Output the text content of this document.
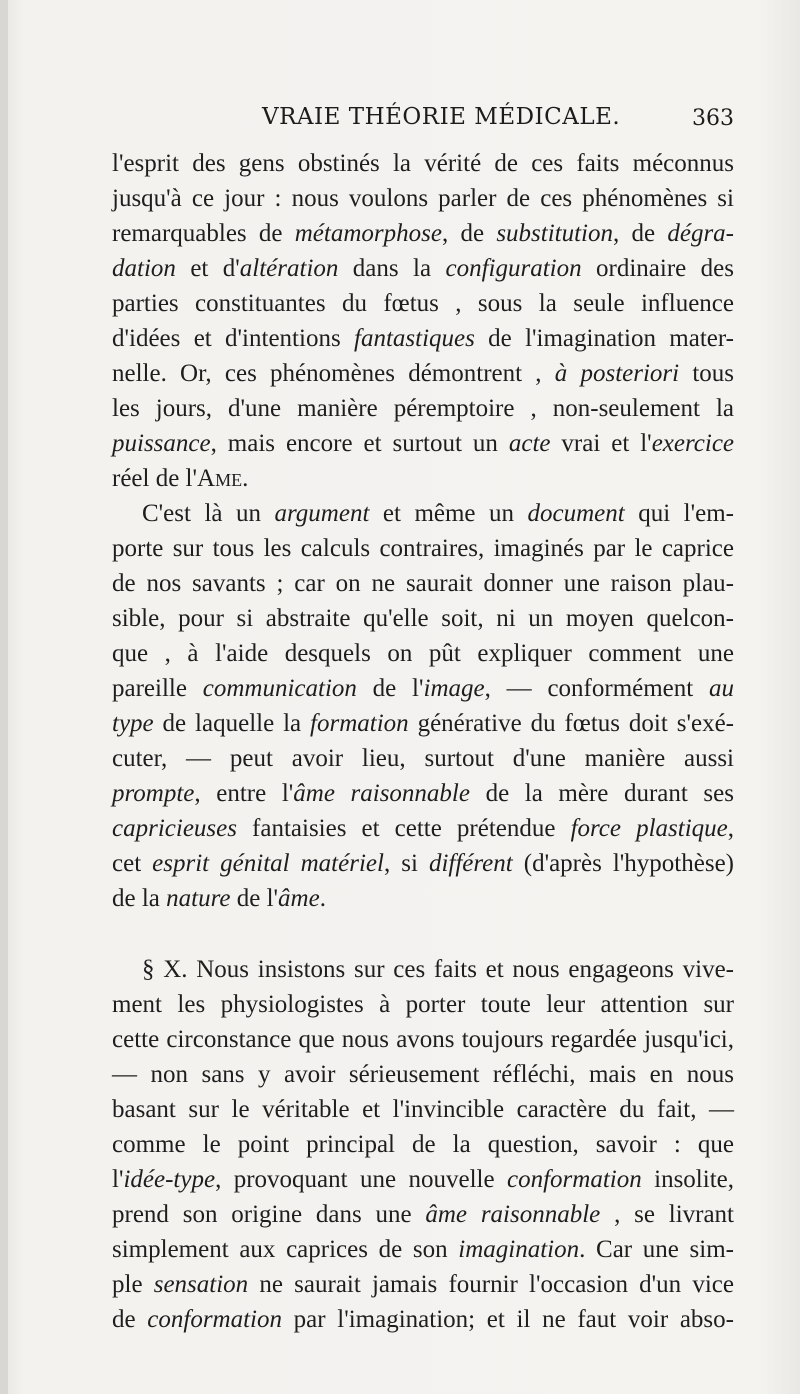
VRAIE THÉORIE MÉDICALE.	363
l'esprit des gens obstinés la vérité de ces faits méconnus
jusqu'à ce jour : nous voulons parler de ces phénomènes si
remarquables de métamorphose, de substitution, de dégra-
dation et d'altération dans la configuration ordinaire des
parties constituantes du fœtus , sous la seule influence
d'idées et d'intentions fantastiques de l'imagination mater-
nelle. Or, ces phénomènes démontrent , à posteriori tous
les jours, d'une manière péremptoire , non-seulement la
puissance, mais encore et surtout un acte vrai et l'exercice
réel de l'Ame.
C'est là un argument et même un document qui l'em-
porte sur tous les calculs contraires, imaginés par le caprice
de nos savants ; car on ne saurait donner une raison plau-
sible, pour si abstraite qu'elle soit, ni un moyen quelcon-
que , à l'aide desquels on pût expliquer comment une
pareille communication de l'image, — conformément au
type de laquelle la formation générative du fœtus doit s'exé-
cuter, — peut avoir lieu, surtout d'une manière aussi
prompte, entre l'âme raisonnable de la mère durant ses
capricieuses fantaisies et cette prétendue force plastique,
cet esprit génital matériel, si différent (d'après l'hypothèse)
de la nature de l'âme.
§ X. Nous insistons sur ces faits et nous engageons vive-
ment les physiologistes à porter toute leur attention sur
cette circonstance que nous avons toujours regardée jusqu'ici,
— non sans y avoir sérieusement réfléchi, mais en nous
basant sur le véritable et l'invincible caractère du fait, —
comme le point principal de la question, savoir : que
l'idée-type, provoquant une nouvelle conformation insolite,
prend son origine dans une âme raisonnable , se livrant
simplement aux caprices de son imagination. Car une sim-
ple sensation ne saurait jamais fournir l'occasion d'un vice
de conformation par l'imagination; et il ne faut voir abso-
